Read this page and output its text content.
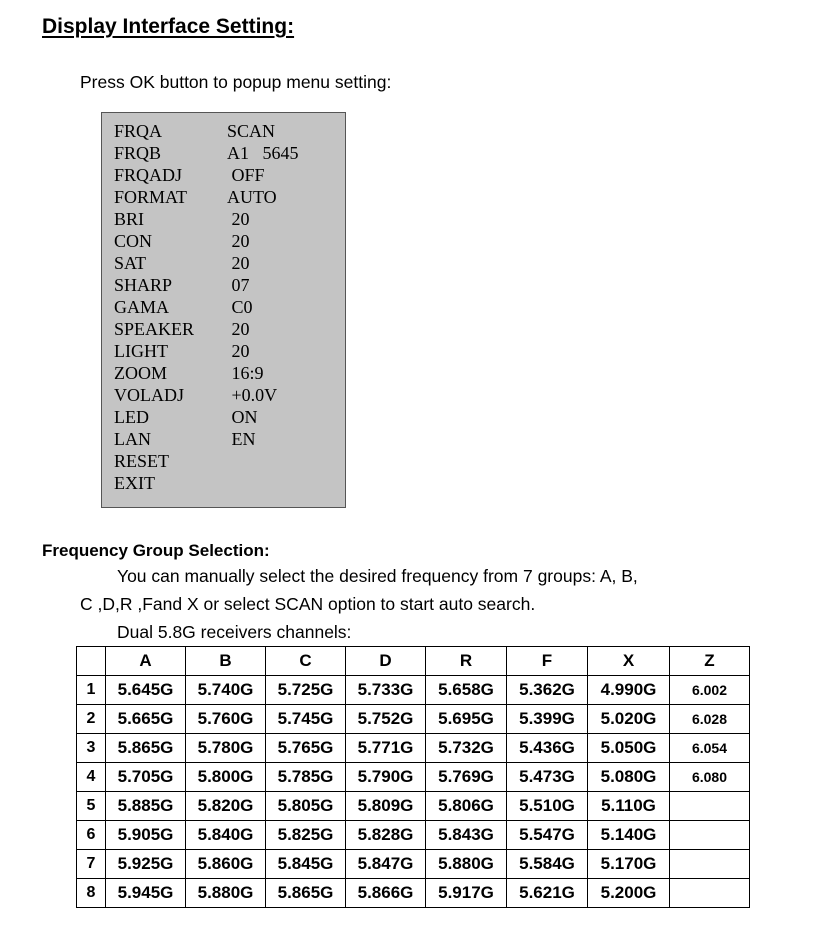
Display Interface Setting:
Press OK button to popup menu setting:
FRQA	SCAN
FRQB	A1   5645
FRQADJ OFF
FORMAT AUTO
BRI	20
CON	20
SAT	20
SHARP	07
GAMA	C0
SPEAKER 20
LIGHT	20
ZOOM	16:9
VOLADJ +0.0V
LED	ON
LAN	EN
RESET
EXIT
Frequency Group Selection:
You can manually select the desired frequency from 7 groups: A, B,
C ,D,R ,Fand X or select SCAN option to start auto search.
Dual 5.8G receivers channels:
	A	B	C	D	R	F	X	Z
1	5.645G	5.740G	5.725G	5.733G	5.658G	5.362G	4.990G	6.002
2	5.665G	5.760G	5.745G	5.752G	5.695G	5.399G	5.020G	6.028
3	5.865G	5.780G	5.765G	5.771G	5.732G	5.436G	5.050G	6.054
4	5.705G	5.800G	5.785G	5.790G	5.769G	5.473G	5.080G	6.080
5	5.885G	5.820G	5.805G	5.809G	5.806G	5.510G	5.110G	
6	5.905G	5.840G	5.825G	5.828G	5.843G	5.547G	5.140G	
7	5.925G	5.860G	5.845G	5.847G	5.880G	5.584G	5.170G	
8	5.945G	5.880G	5.865G	5.866G	5.917G	5.621G	5.200G	
